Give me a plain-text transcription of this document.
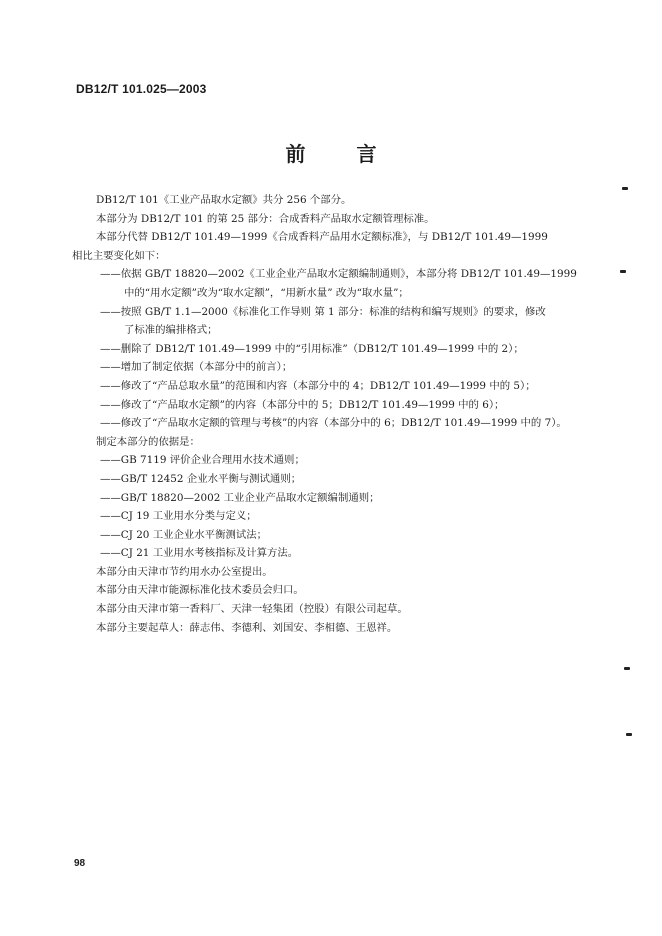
DB12/T 101.025—2003
前 言
DB12/T 101《工业产品取水定额》共分 256 个部分。
本部分为 DB12/T 101 的第 25 部分：合成香料产品取水定额管理标准。
本部分代替 DB12/T 101.49—1999《合成香料产品用水定额标准》，与 DB12/T 101.49—1999
相比主要变化如下：
——依据 GB/T 18820—2002《工业企业产品取水定额编制通则》，本部分将 DB12/T 101.49—1999
中的“用水定额”改为“取水定额”，“用新水量” 改为“取水量”；
——按照 GB/T 1.1—2000《标准化工作导则 第 1 部分：标准的结构和编写规则》的要求，修改
了标准的编排格式；
——删除了 DB12/T 101.49—1999 中的“引用标准”（DB12/T 101.49—1999 中的 2）；
——增加了制定依据（本部分中的前言）；
——修改了“产品总取水量”的范围和内容（本部分中的 4；DB12/T 101.49—1999 中的 5）；
——修改了“产品取水定额”的内容（本部分中的 5；DB12/T 101.49—1999 中的 6）；
——修改了“产品取水定额的管理与考核”的内容（本部分中的 6；DB12/T 101.49—1999 中的 7）。
制定本部分的依据是：
——GB 7119 评价企业合理用水技术通则；
——GB/T 12452 企业水平衡与测试通则；
——GB/T 18820—2002 工业企业产品取水定额编制通则；
——CJ 19 工业用水分类与定义；
——CJ 20 工业企业水平衡测试法；
——CJ 21 工业用水考核指标及计算方法。
本部分由天津市节约用水办公室提出。
本部分由天津市能源标准化技术委员会归口。
本部分由天津市第一香料厂、天津一轻集团（控股）有限公司起草。
本部分主要起草人：薛志伟、李德利、刘国安、李相德、王恩祥。
98
